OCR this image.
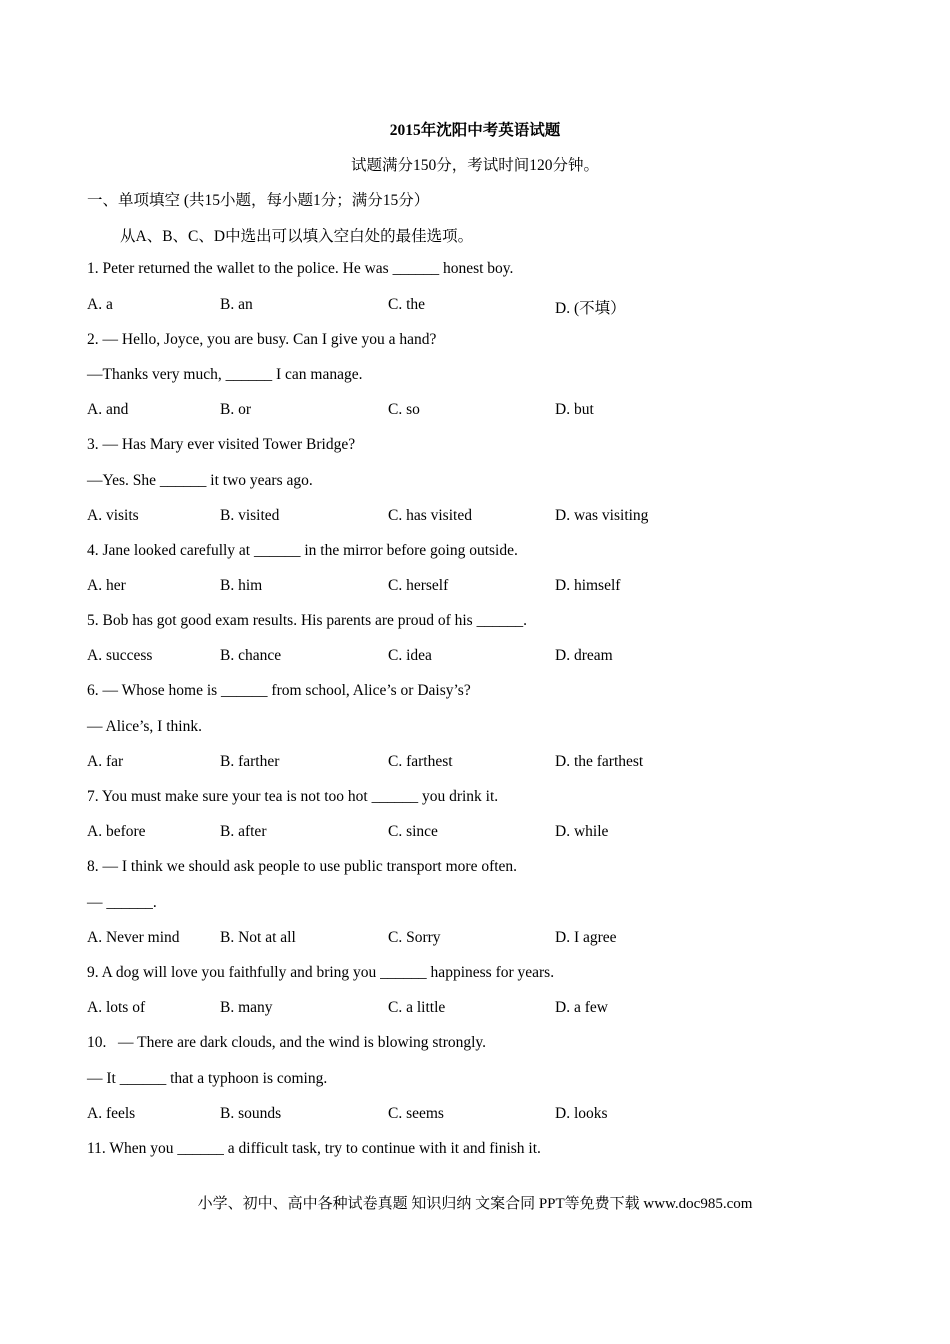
2015年沈阳中考英语试题
试题满分150分，考试时间120分钟。
一、单项填空 (共15小题，每小题1分；满分15分）
从A、B、C、D中选出可以填入空白处的最佳选项。
1. Peter returned the wallet to the police. He was ______ honest boy.
A. a	B. an	C. the	D. (不填）
2. — Hello, Joyce, you are busy. Can I give you a hand?
—Thanks very much, ______ I can manage.
A. and	B. or	C. so	D. but
3. — Has Mary ever visited Tower Bridge?
—Yes. She ______ it two years ago.
A. visits	B. visited	C. has visited	D. was visiting
4. Jane looked carefully at ______ in the mirror before going outside.
A. her	B. him	C. herself	D. himself
5. Bob has got good exam results. His parents are proud of his ______.
A. success	B. chance	C. idea	D. dream
6. — Whose home is ______ from school, Alice’s or Daisy’s?
— Alice’s, I think.
A. far	B. farther	C. farthest	D. the farthest
7. You must make sure your tea is not too hot ______ you drink it.
A. before	B. after	C. since	D. while
8. — I think we should ask people to use public transport more often.
— ______.
A. Never mind	B. Not at all	C. Sorry	D. I agree
9. A dog will love you faithfully and bring you ______ happiness for years.
A. lots of	B. many	C. a little	D. a few
10.   — There are dark clouds, and the wind is blowing strongly.
— It ______ that a typhoon is coming.
A. feels	B. sounds	C. seems	D. looks
11. When you ______ a difficult task, try to continue with it and finish it.
小学、初中、高中各种试卷真题 知识归纳 文案合同 PPT等免费下载 www.doc985.com
